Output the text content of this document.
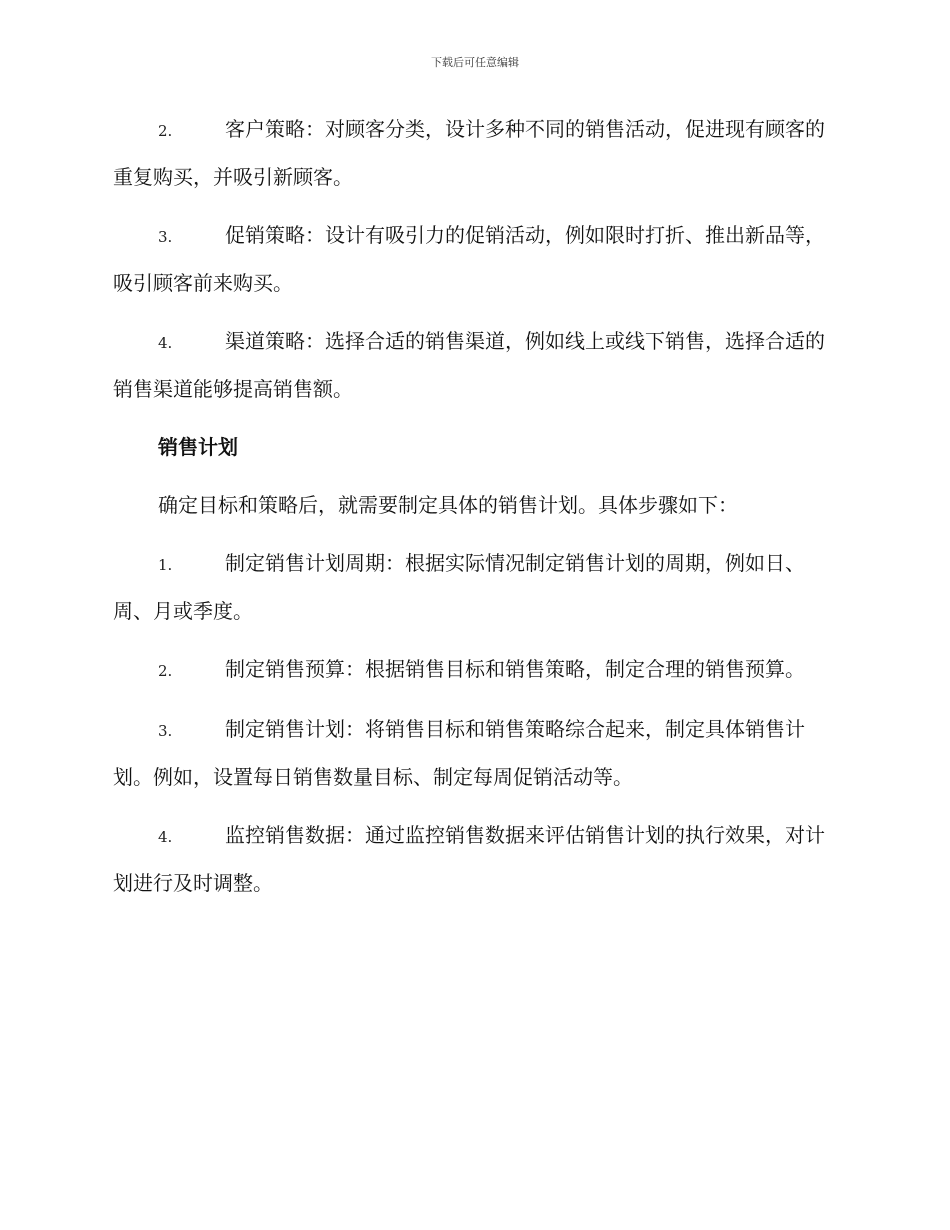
下载后可任意编辑

2.	客户策略：对顾客分类，设计多种不同的销售活动，促进现有顾客的重复购买，并吸引新顾客。

3.	促销策略：设计有吸引力的促销活动，例如限时打折、推出新品等，吸引顾客前来购买。

4.	渠道策略：选择合适的销售渠道，例如线上或线下销售，选择合适的销售渠道能够提高销售额。

销售计划

确定目标和策略后，就需要制定具体的销售计划。具体步骤如下：

1.	制定销售计划周期：根据实际情况制定销售计划的周期，例如日、周、月或季度。

2.	制定销售预算：根据销售目标和销售策略，制定合理的销售预算。

3.	制定销售计划：将销售目标和销售策略综合起来，制定具体销售计划。例如，设置每日销售数量目标、制定每周促销活动等。

4.	监控销售数据：通过监控销售数据来评估销售计划的执行效果，对计划进行及时调整。
